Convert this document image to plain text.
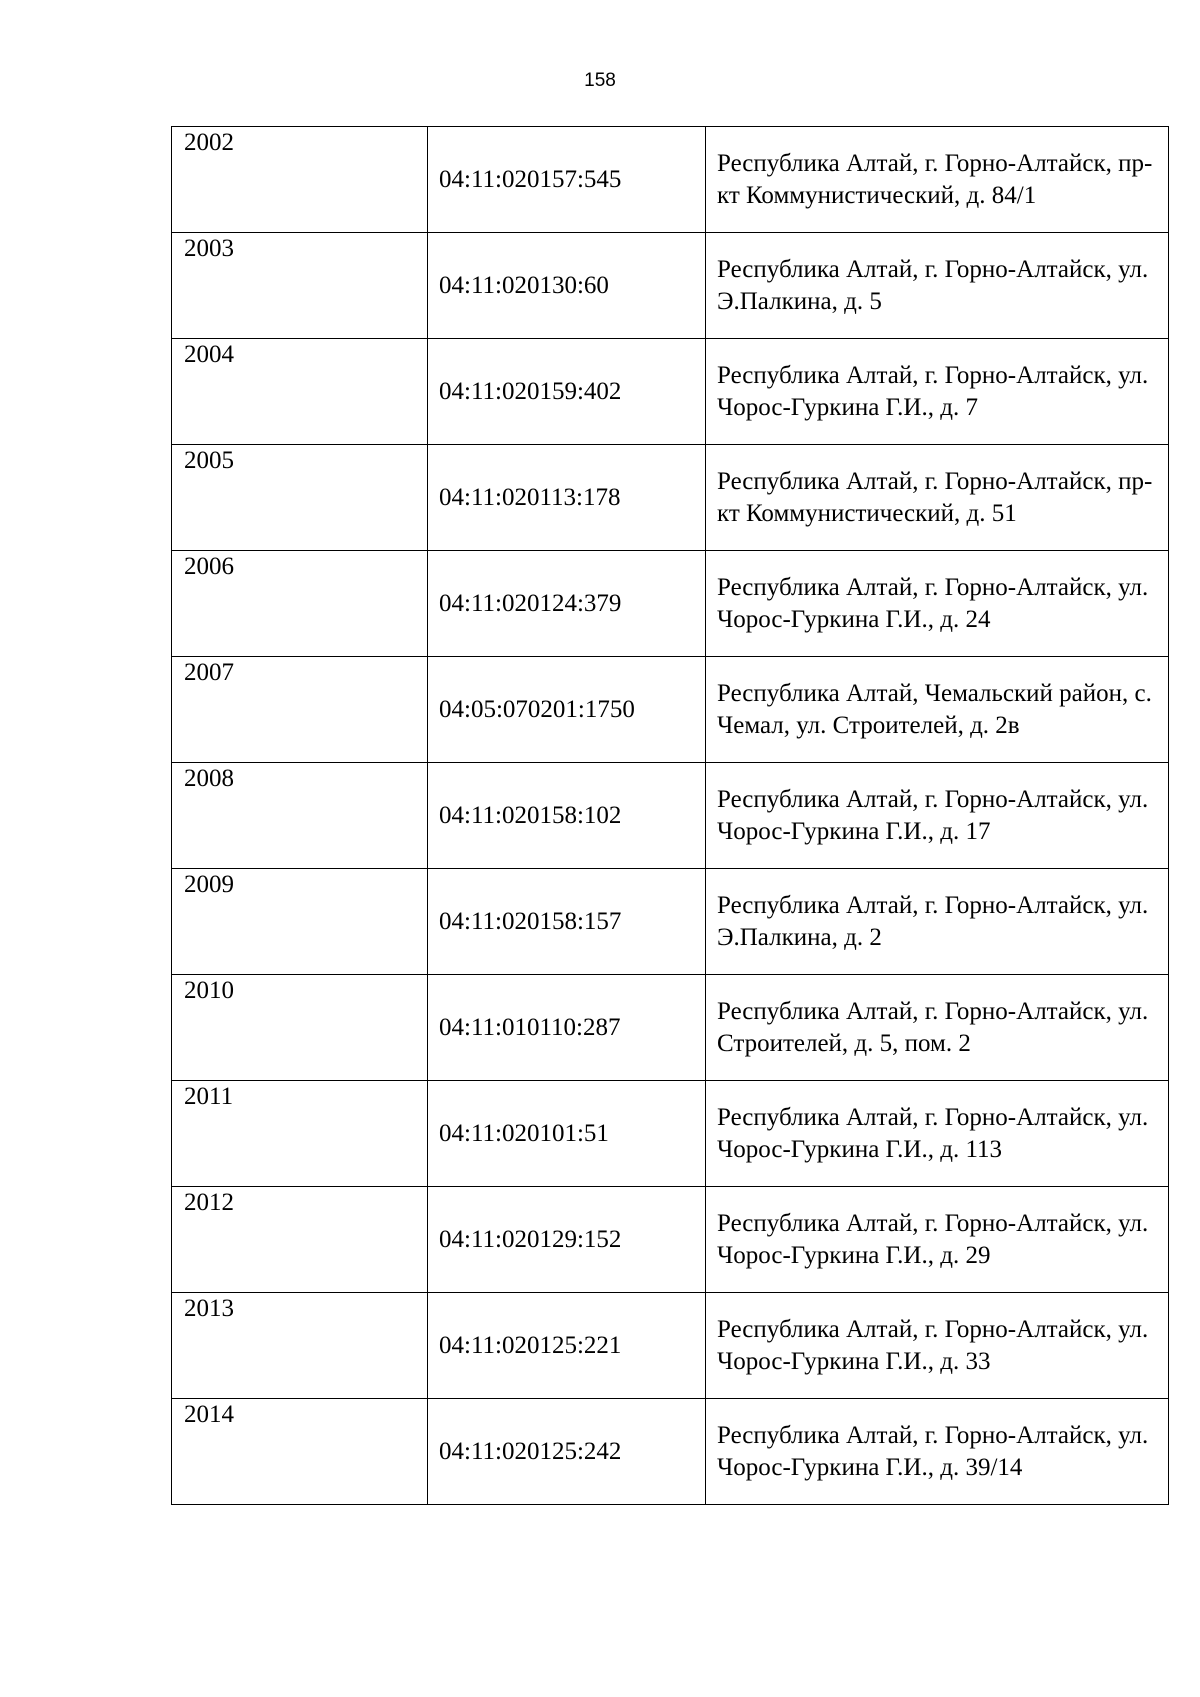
158
2002	04:11:020157:545	Республика Алтай, г. Горно-Алтайск, пр-кт Коммунистический, д. 84/1

2003	04:11:020130:60	Республика Алтай, г. Горно-Алтайск, ул. Э.Палкина, д. 5

2004	04:11:020159:402	Республика Алтай, г. Горно-Алтайск, ул. Чорос-Гуркина Г.И., д. 7

2005	04:11:020113:178	Республика Алтай, г. Горно-Алтайск, пр-кт Коммунистический, д. 51

2006	04:11:020124:379	Республика Алтай, г. Горно-Алтайск, ул. Чорос-Гуркина Г.И., д. 24

2007	04:05:070201:1750	Республика Алтай, Чемальский район, с. Чемал, ул. Строителей, д. 2в

2008	04:11:020158:102	Республика Алтай, г. Горно-Алтайск, ул. Чорос-Гуркина Г.И., д. 17

2009	04:11:020158:157	Республика Алтай, г. Горно-Алтайск, ул. Э.Палкина, д. 2

2010	04:11:010110:287	Республика Алтай, г. Горно-Алтайск, ул. Строителей, д. 5, пом. 2

2011	04:11:020101:51	Республика Алтай, г. Горно-Алтайск, ул. Чорос-Гуркина Г.И., д. 113

2012	04:11:020129:152	Республика Алтай, г. Горно-Алтайск, ул. Чорос-Гуркина Г.И., д. 29

2013	04:11:020125:221	Республика Алтай, г. Горно-Алтайск, ул. Чорос-Гуркина Г.И., д. 33

2014	04:11:020125:242	Республика Алтай, г. Горно-Алтайск, ул. Чорос-Гуркина Г.И., д. 39/14
